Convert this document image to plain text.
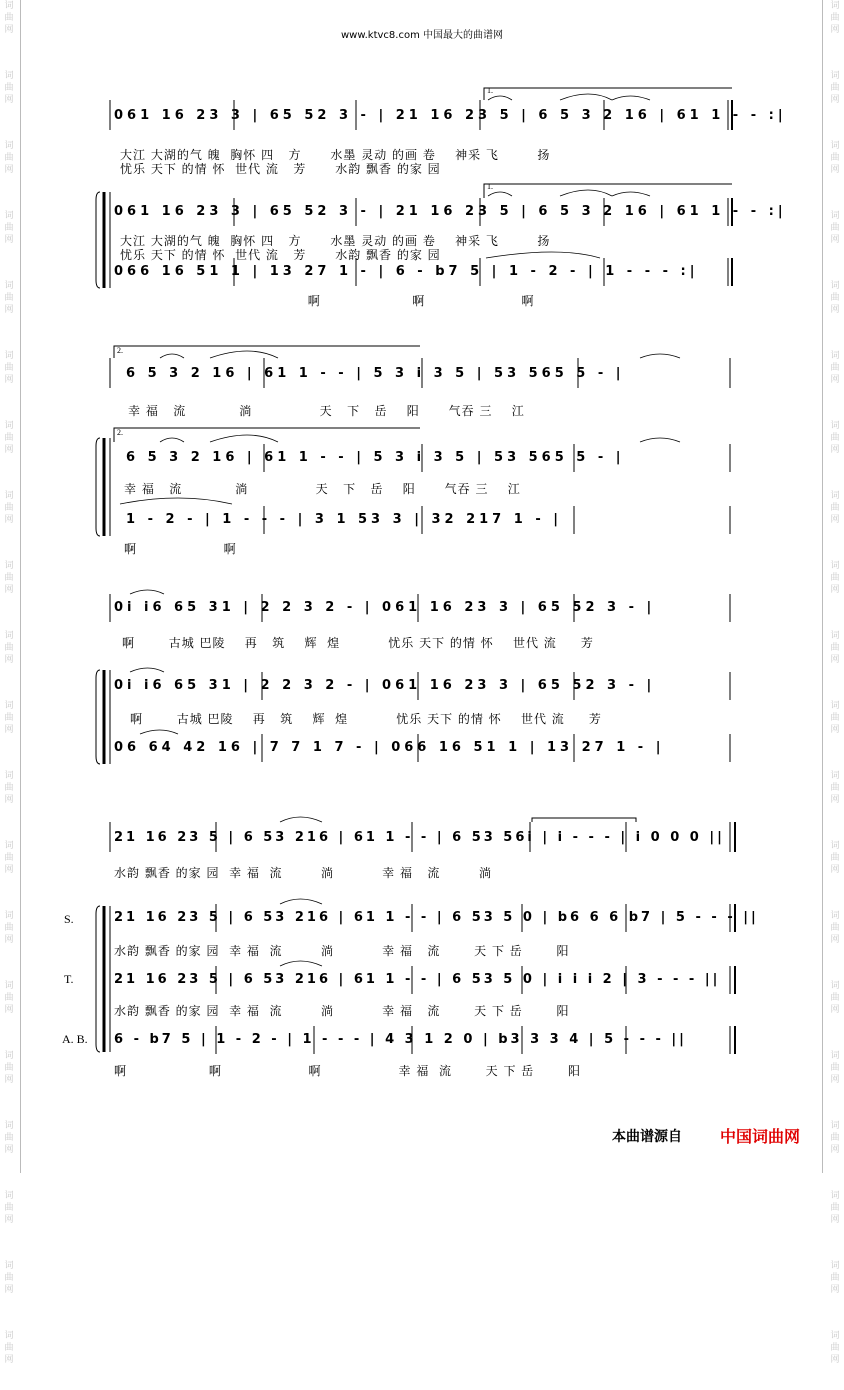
词
曲
网
词
曲
网
词
曲
网
词
曲
网
词
曲
网
词
曲
网
词
曲
网
词
曲
网
词
曲
网
词
曲
网
词
曲
网
词
曲
网
词
曲
网
词
曲
网
词
曲
网
词
曲
网
词
曲
网
词
曲
网
词
曲
网
词
曲
网
词
曲
网
词
曲
网
词
曲
网
词
曲
网
词
曲
网
词
曲
网
词
曲
网
词
曲
网
词
曲
网
词
曲
网
词
曲
网
词
曲
网
词
曲
网
词
曲
网
词
曲
网
词
曲
网
词
曲
网
词
曲
网
词
曲
网
词
曲
网
www.ktvc8.com 中国最大的曲谱网
061 16 23 3 | 65 52 3 - | 21 16 23 5 | 6 5 3 2 16 | 61 1 - - :|
大江 大湖的气 魄  胸怀 四   方      水墨 灵动 的画 卷    神采 飞        扬
忧乐 天下 的情 怀  世代 流   芳      水韵 飘香 的家 园
1.
1.
061 16 23 3 | 65 52 3 - | 21 16 23 5 | 6 5 3 2 16 | 61 1 - - :|
大江 大湖的气 魄  胸怀 四   方      水墨 灵动 的画 卷    神采 飞        扬
忧乐 天下 的情 怀  世代 流   芳      水韵 飘香 的家 园
066 16 51 1 | 13 27 1 - | 6 - b7 5 | 1 - 2 - | 1 - - - :|
啊                   啊                    啊
2.
6 5 3 2 16 | 61 1 - - | 5 3 i 3 5 | 53 565 5 - |
幸 福   流           淌              天   下   岳    阳      气吞 三    江
2.
6 5 3 2 16 | 61 1 - - | 5 3 i 3 5 | 53 565 5 - |
幸 福   流           淌              天   下   岳    阳      气吞 三    江
1 - 2 - | 1 - - - | 3 1 53 3 | 32 217 1 - |
啊                  啊
0i i6 65 31 | 2 2 3 2 - | 061 16 23 3 | 65 52 3 - |
啊       古城 巴陵    再   筑    辉  煌          忧乐 天下 的情 怀    世代 流     芳
0i i6 65 31 | 2 2 3 2 - | 061 16 23 3 | 65 52 3 - |
啊       古城 巴陵    再   筑    辉  煌          忧乐 天下 的情 怀    世代 流     芳
06 64 42 16 | 7 7 1 7 - | 066 16 51 1 | 13 27 1 - |
21 16 23 5 | 6 53 216 | 61 1 - - | 6 53 56i | i - - - | i 0 0 0 ||
水韵 飘香 的家 园  幸 福  流        淌          幸 福   流        淌
S.	21 16 23 5 | 6 53 216 | 61 1 - - | 6 53 5 0 | b6 6 6 b7 | 5 - - - ||
水韵 飘香 的家 园  幸 福  流        淌          幸 福   流       天 下 岳       阳
T.	21 16 23 5 | 6 53 216 | 61 1 - - | 6 53 5 0 | i i i 2 | 3 - - - ||
水韵 飘香 的家 园  幸 福  流        淌          幸 福   流       天 下 岳       阳
A. B. 6 - b7 5 | 1 - 2 - | 1 - - - | 4 3 1 2 0 | b3 3 3 4 | 5 - - - ||
啊                 啊                  啊                幸 福  流       天 下 岳       阳
本曲谱源自 中国词曲网
